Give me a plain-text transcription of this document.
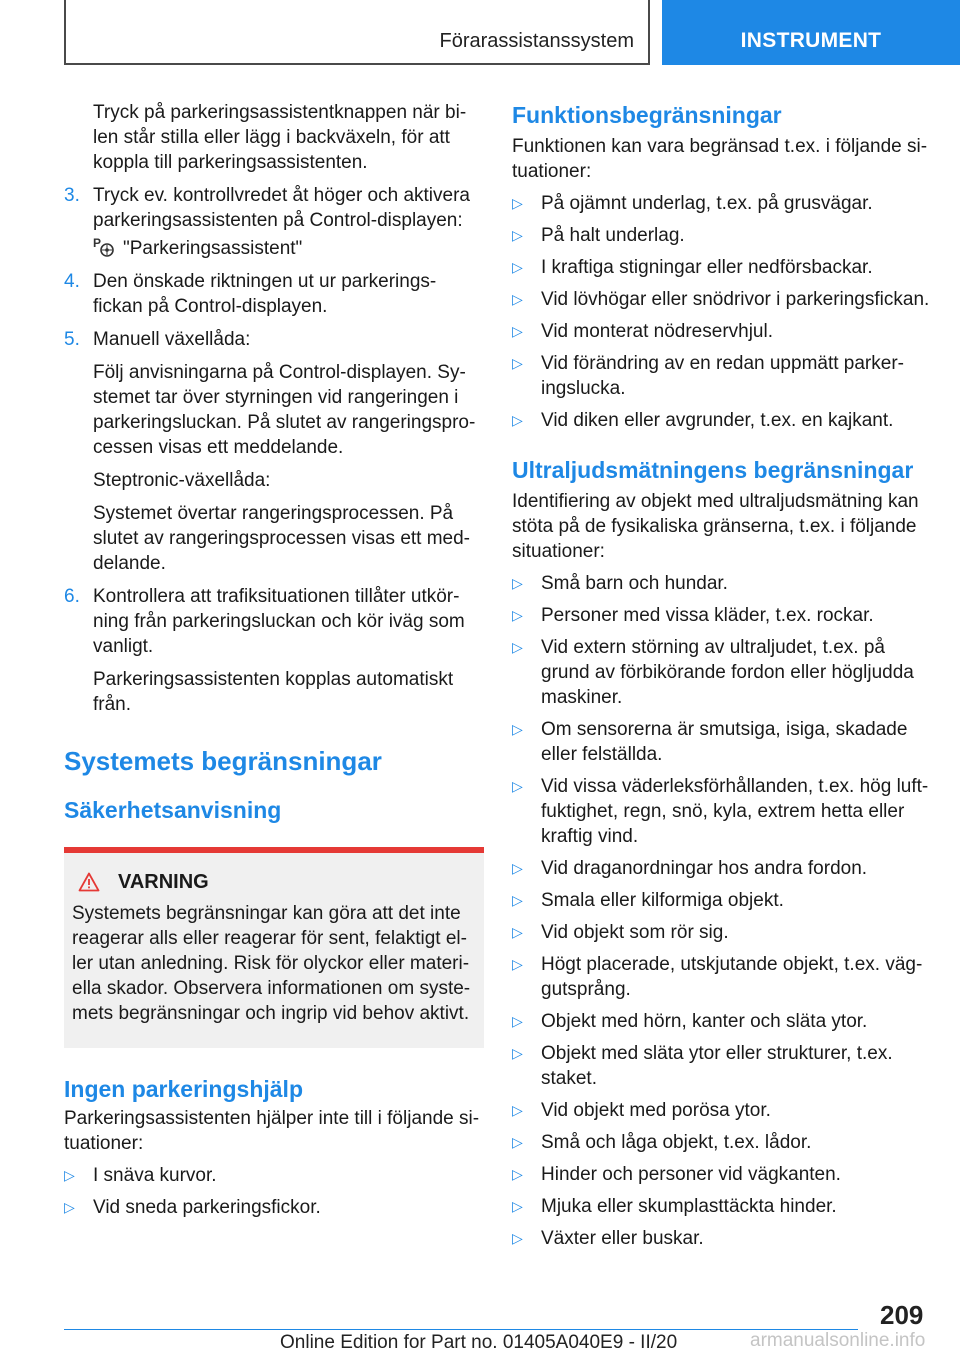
Förarassistanssystem	INSTRUMENT
Tryck på parkeringsassistentknappen när bi-len står stilla eller lägg i backväxeln, för att koppla till parkeringsassistenten.
3. Tryck ev. kontrollvredet åt höger och aktivera parkeringsassistenten på Control-displayen:
P "Parkeringsassistent"
4. Den önskade riktningen ut ur parkerings-fickan på Control-displayen.
5. Manuell växellåda:
Följ anvisningarna på Control-displayen. Sy-stemet tar över styrningen vid rangeringen i parkeringsluckan. På slutet av rangeringspro-cessen visas ett meddelande.
Steptronic-växellåda:
Systemet övertar rangeringsprocessen. På slutet av rangeringsprocessen visas ett med-delande.
6. Kontrollera att trafiksituationen tillåter utkör-ning från parkeringsluckan och kör iväg som vanligt.
Parkeringsassistenten kopplas automatiskt från.
Systemets begränsningar
Säkerhetsanvisning
VARNING
Systemets begränsningar kan göra att det inte reagerar alls eller reagerar för sent, felaktigt el-ler utan anledning. Risk för olyckor eller materi-ella skador. Observera informationen om syste-mets begränsningar och ingrip vid behov aktivt.
Ingen parkeringshjälp
Parkeringsassistenten hjälper inte till i följande si-tuationer:
▷ I snäva kurvor.
▷ Vid sneda parkeringsfickor.
Funktionsbegränsningar
Funktionen kan vara begränsad t.ex. i följande si-tuationer:
▷ På ojämnt underlag, t.ex. på grusvägar.
▷ På halt underlag.
▷ I kraftiga stigningar eller nedförsbackar.
▷ Vid lövhögar eller snödrivor i parkeringsfickan.
▷ Vid monterat nödreservhjul.
▷ Vid förändring av en redan uppmätt parker-ingslucka.
▷ Vid diken eller avgrunder, t.ex. en kajkant.
Ultraljudsmätningens begränsningar
Identifiering av objekt med ultraljudsmätning kan stöta på de fysikaliska gränserna, t.ex. i följande situationer:
▷ Små barn och hundar.
▷ Personer med vissa kläder, t.ex. rockar.
▷ Vid extern störning av ultraljudet, t.ex. på grund av förbikörande fordon eller högljudda maskiner.
▷ Om sensorerna är smutsiga, isiga, skadade eller felställda.
▷ Vid vissa väderleksförhållanden, t.ex. hög luft-fuktighet, regn, snö, kyla, extrem hetta eller kraftig vind.
▷ Vid draganordningar hos andra fordon.
▷ Smala eller kilformiga objekt.
▷ Vid objekt som rör sig.
▷ Högt placerade, utskjutande objekt, t.ex. väg-gutsprång.
▷ Objekt med hörn, kanter och släta ytor.
▷ Objekt med släta ytor eller strukturer, t.ex. staket.
▷ Vid objekt med porösa ytor.
▷ Små och låga objekt, t.ex. lådor.
▷ Hinder och personer vid vägkanten.
▷ Mjuka eller skumplasttäckta hinder.
▷ Växter eller buskar.
209
Online Edition for Part no. 01405A040E9 - II/20	armanualsonline.info
